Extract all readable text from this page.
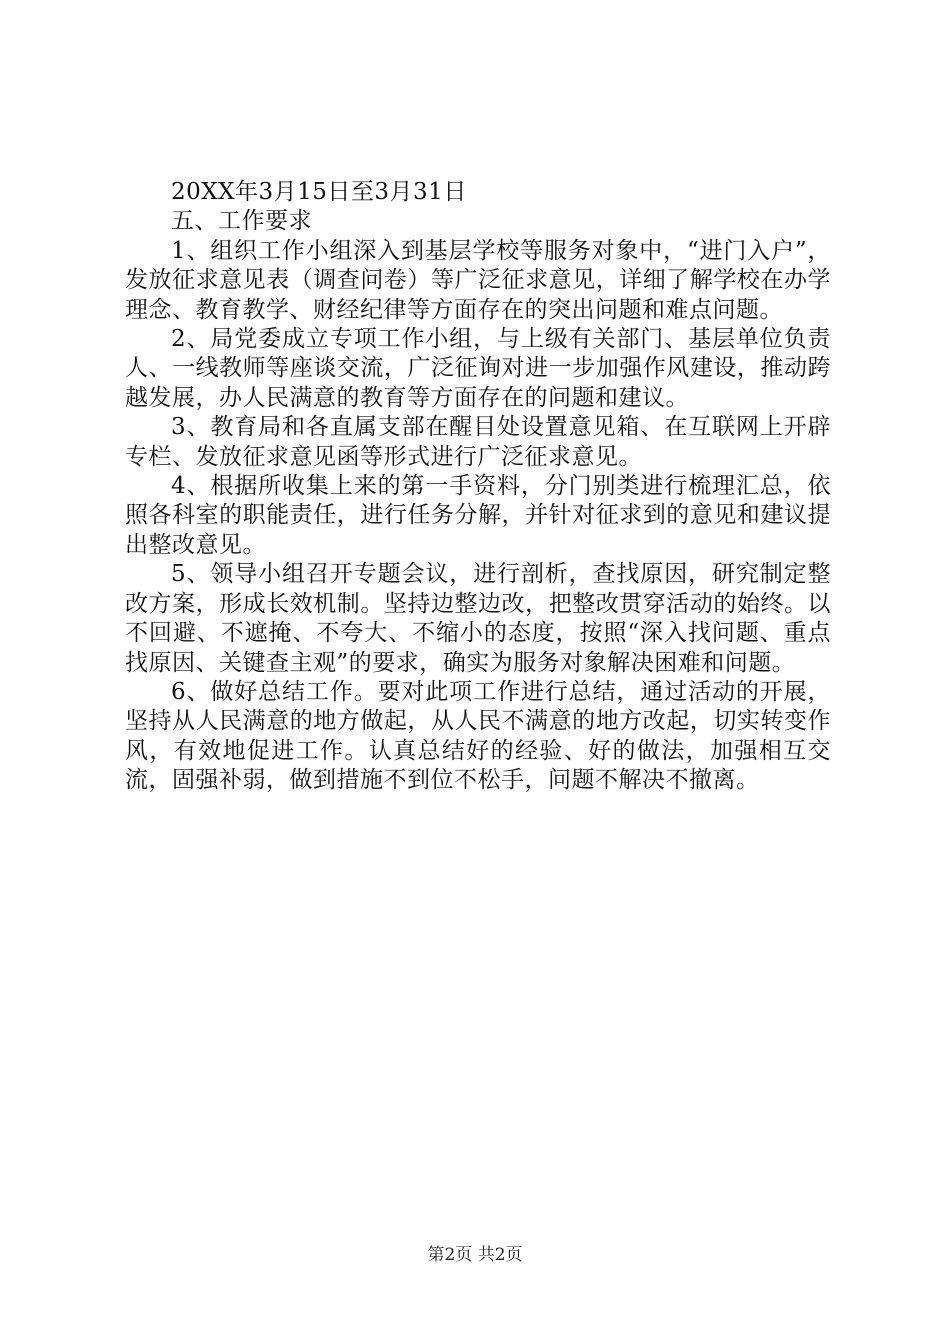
20XX年3月15日至3月31日

五、工作要求

1、组织工作小组深入到基层学校等服务对象中，“进门入户”，发放征求意见表（调查问卷）等广泛征求意见，详细了解学校在办学理念、教育教学、财经纪律等方面存在的突出问题和难点问题。

2、局党委成立专项工作小组，与上级有关部门、基层单位负责人、一线教师等座谈交流，广泛征询对进一步加强作风建设，推动跨越发展，办人民满意的教育等方面存在的问题和建议。

3、教育局和各直属支部在醒目处设置意见箱、在互联网上开辟专栏、发放征求意见函等形式进行广泛征求意见。

4、根据所收集上来的第一手资料，分门别类进行梳理汇总，依照各科室的职能责任，进行任务分解，并针对征求到的意见和建议提出整改意见。

5、领导小组召开专题会议，进行剖析，查找原因，研究制定整改方案，形成长效机制。坚持边整边改，把整改贯穿活动的始终。以不回避、不遮掩、不夸大、不缩小的态度，按照“深入找问题、重点找原因、关键查主观”的要求，确实为服务对象解决困难和问题。

6、做好总结工作。要对此项工作进行总结，通过活动的开展，坚持从人民满意的地方做起，从人民不满意的地方改起，切实转变作风，有效地促进工作。认真总结好的经验、好的做法，加强相互交流，固强补弱，做到措施不到位不松手，问题不解决不撤离。

第2页 共2页
